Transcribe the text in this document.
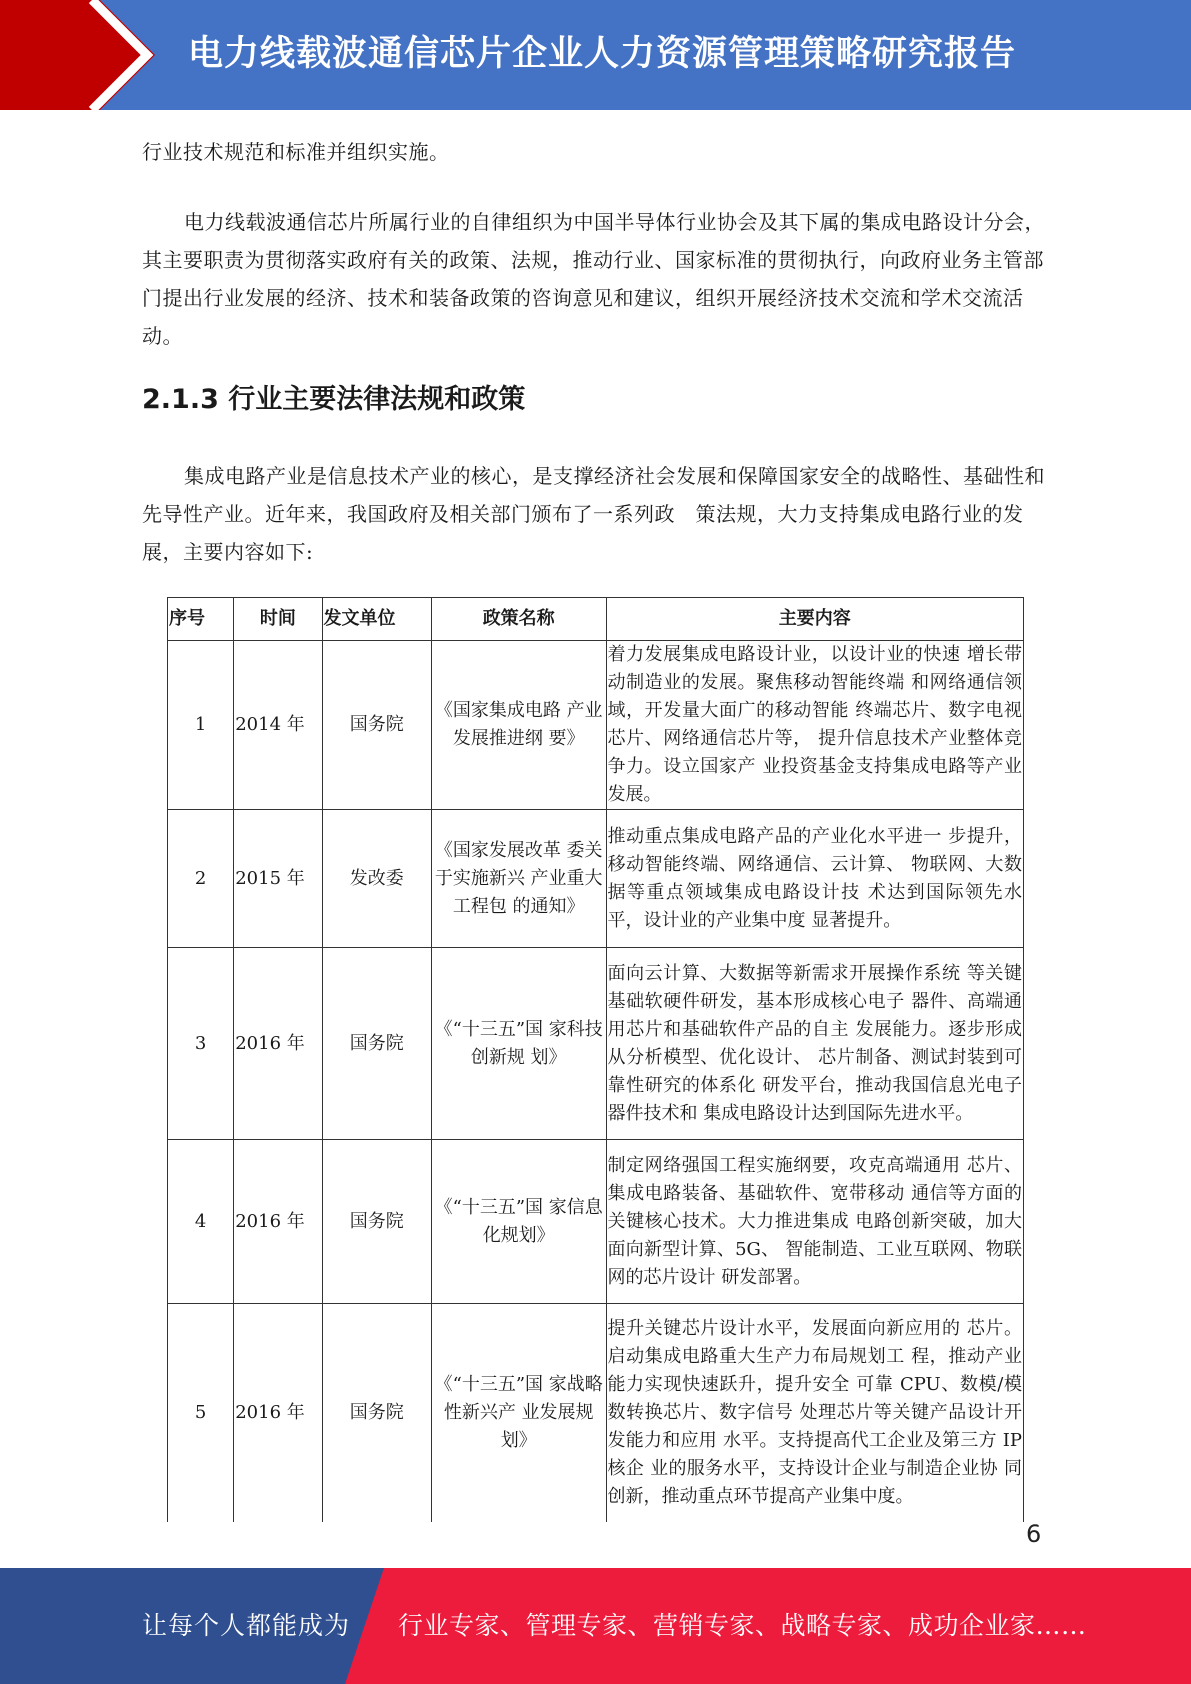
电力线载波通信芯片企业人力资源管理策略研究报告
行业技术规范和标准并组织实施。
电力线载波通信芯片所属行业的自律组织为中国半导体行业协会及其下属的集成电路设计分会，其主要职责为贯彻落实政府有关的政策、法规，推动行业、国家标准的贯彻执行，向政府业务主管部门提出行业发展的经济、技术和装备政策的咨询意见和建议，组织开展经济技术交流和学术交流活动。
2.1.3 行业主要法律法规和政策
集成电路产业是信息技术产业的核心，是支撑经济社会发展和保障国家安全的战略性、基础性和先导性产业。近年来，我国政府及相关部门颁布了一系列政　策法规，大力支持集成电路行业的发展，主要内容如下:
序号	时间	发文单位	政策名称	主要内容
1	2014 年	国务院	《国家集成电路 产业发展推进纲 要》	着力发展集成电路设计业，以设计业的快速 增长带动制造业的发展。聚焦移动智能终端 和网络通信领域，开发量大面广的移动智能 终端芯片、数字电视芯片、网络通信芯片等， 提升信息技术产业整体竞争力。设立国家产 业投资基金支持集成电路等产业发展。
2	2015 年	发改委	《国家发展改革 委关于实施新兴 产业重大工程包 的通知》	推动重点集成电路产品的产业化水平进一 步提升，移动智能终端、网络通信、云计算、 物联网、大数据等重点领域集成电路设计技 术达到国际领先水平，设计业的产业集中度 显著提升。
3	2016 年	国务院	《“十三五”国 家科技创新规 划》	面向云计算、大数据等新需求开展操作系统 等关键基础软硬件研发，基本形成核心电子 器件、高端通用芯片和基础软件产品的自主 发展能力。逐步形成从分析模型、优化设计、 芯片制备、测试封装到可靠性研究的体系化 研发平台，推动我国信息光电子器件技术和 集成电路设计达到国际先进水平。
4	2016 年	国务院	《“十三五”国 家信息化规划》	制定网络强国工程实施纲要，攻克高端通用 芯片、集成电路装备、基础软件、宽带移动 通信等方面的关键核心技术。大力推进集成 电路创新突破，加大面向新型计算、5G、 智能制造、工业互联网、物联网的芯片设计 研发部署。
5	2016 年	国务院	《“十三五”国 家战略性新兴产 业发展规划》	提升关键芯片设计水平，发展面向新应用的 芯片。启动集成电路重大生产力布局规划工 程，推动产业能力实现快速跃升，提升安全 可靠 CPU、数模/模数转换芯片、数字信号 处理芯片等关键产品设计开发能力和应用 水平。支持提高代工企业及第三方 IP 核企 业的服务水平，支持设计企业与制造企业协 同创新，推动重点环节提高产业集中度。
6
让每个人都能成为 行业专家、管理专家、营销专家、战略专家、成功企业家……
